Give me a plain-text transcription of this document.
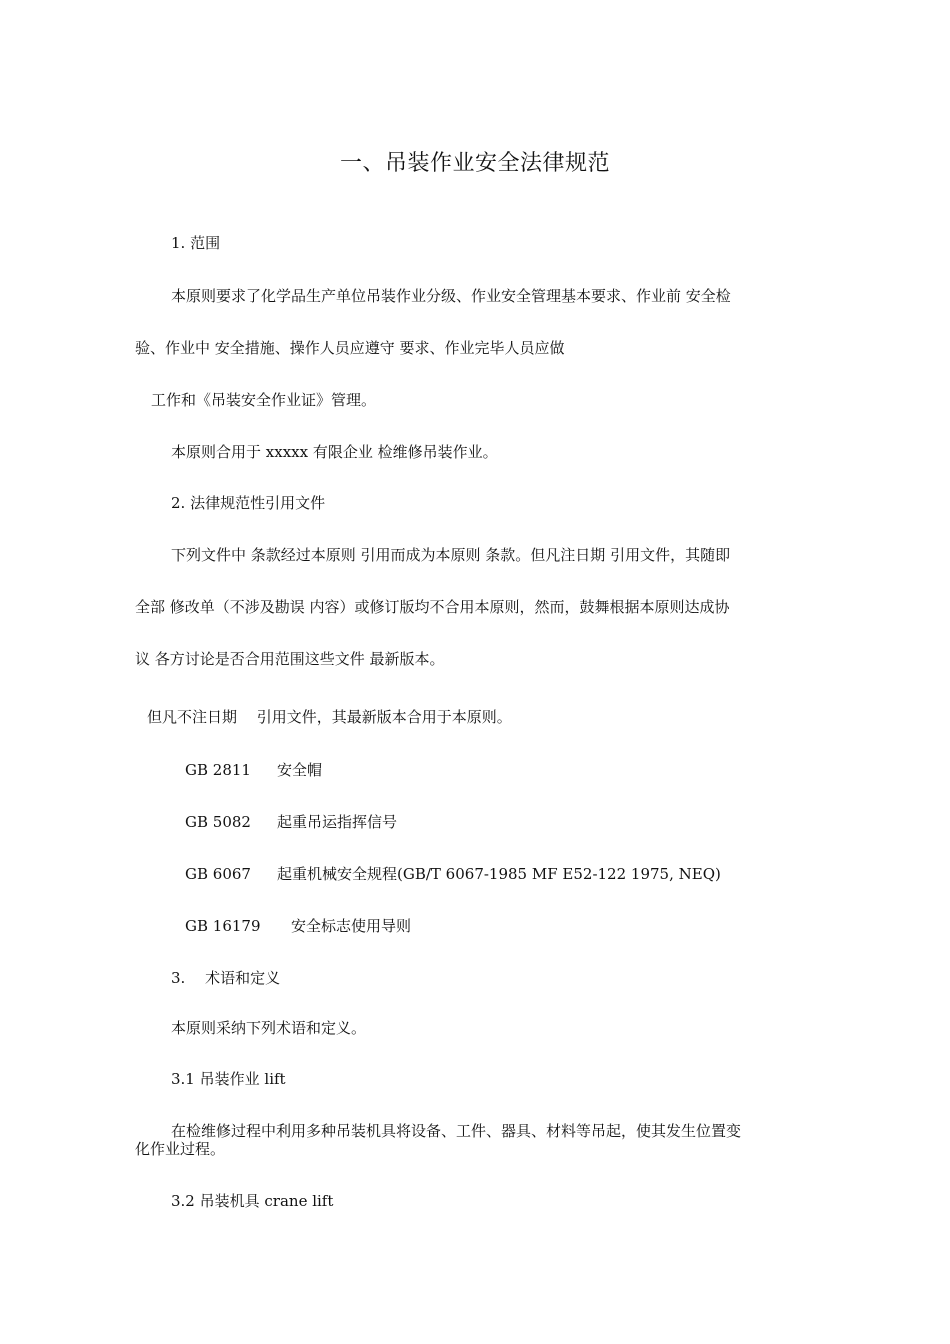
一、吊装作业安全法律规范
1. 范围
本原则要求了化学品生产单位吊装作业分级、作业安全管理基本要求、作业前 安全检
验、作业中 安全措施、操作人员应遵守 要求、作业完毕人员应做
工作和《吊装安全作业证》管理。
本原则合用于 xxxxx 有限企业 检维修吊装作业。
2. 法律规范性引用文件
下列文件中 条款经过本原则 引用而成为本原则 条款。但凡注日期 引用文件，其随即
全部 修改单（不涉及勘误 内容）或修订版均不合用本原则，然而，鼓舞根据本原则达成协
议 各方讨论是否合用范围这些文件 最新版本。
但凡不注日期　 引用文件，其最新版本合用于本原则。
GB 2811 安全帽
GB 5082 起重吊运指挥信号
GB 6067 起重机械安全规程(GB/T 6067-1985 MF E52-122 1975, NEQ)
GB 16179 安全标志使用导则
3.　 术语和定义
本原则采纳下列术语和定义。
3.1 吊装作业 lift
在检维修过程中利用多种吊装机具将设备、工件、器具、材料等吊起，使其发生位置变
化作业过程。
3.2 吊装机具 crane lift
